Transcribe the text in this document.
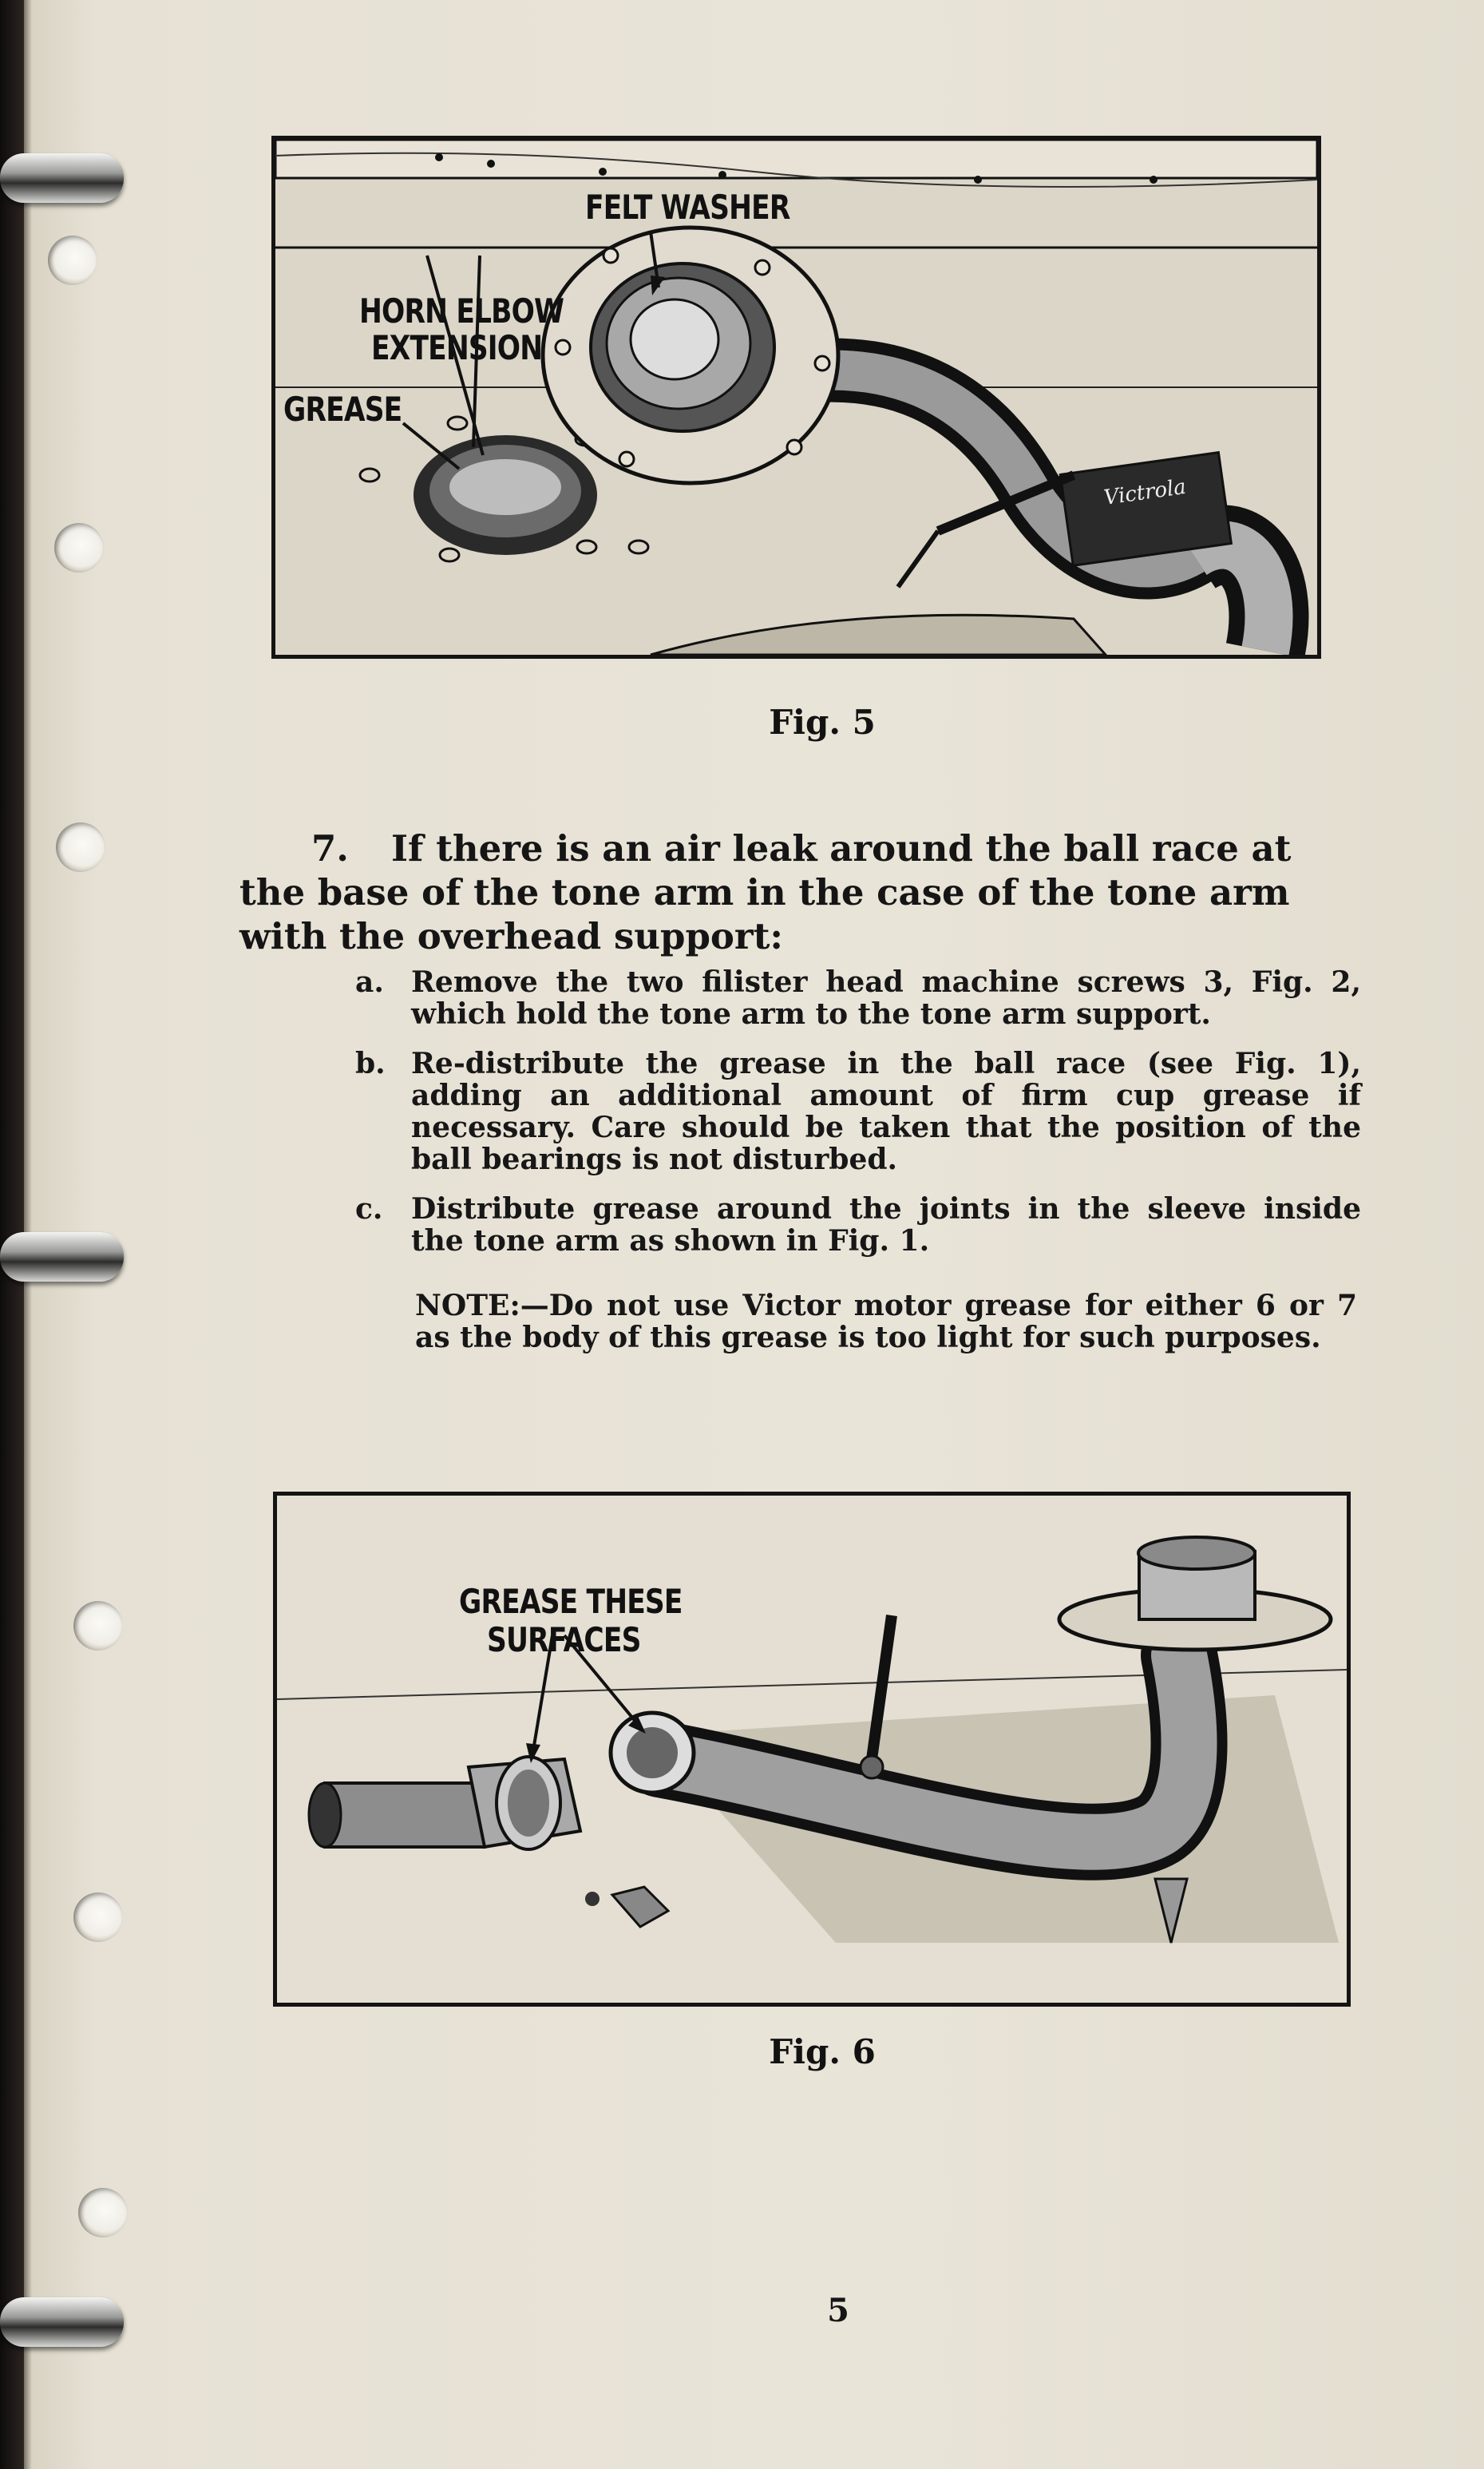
Victrola
FELT WASHER
HORN ELBOW
EXTENSION
GREASE
Fig. 5
7. If there is an air leak around the ball race at the base of the tone arm in the case of the tone arm with the overhead support:
a. Remove the two filister head machine screws 3, Fig. 2, which hold the tone arm to the tone arm support.
b. Re-distribute the grease in the ball race (see Fig. 1), adding an additional amount of firm cup grease if necessary. Care should be taken that the position of the ball bearings is not disturbed.
c. Distribute grease around the joints in the sleeve inside the tone arm as shown in Fig. 1.
NOTE:—Do not use Victor motor grease for either 6 or 7 as the body of this grease is too light for such purposes.
GREASE THESE
SURFACES
Fig. 6
5
